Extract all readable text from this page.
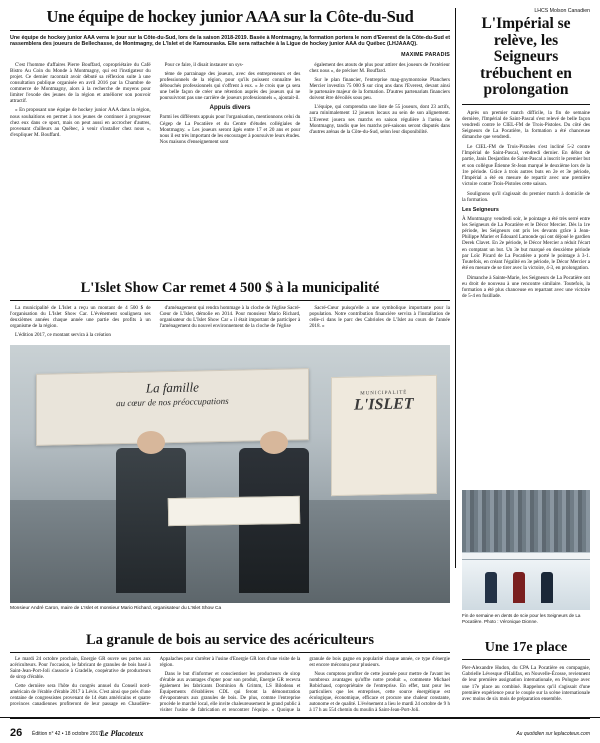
Une équipe de hockey junior AAA sur la Côte-du-Sud
Une équipe de hockey junior AAA verra le jour sur la Côte-du-Sud, lors de la saison 2018-2019. Basée à Montmagny, la formation portera le nom d'Everest de la Côte-du-Sud et rassemblera des joueurs de Bellechasse, de Montmagny, de L'Islet et de Kamouraska. Elle sera rattachée à la Ligue de hockey junior AAA du Québec (LHJAAAQ).
MAXIME PARADIS

C'est l'homme d'affaires Pierre Bouffard, copropriétaire du Café Bistro Au Coin du Monde à Montmagny, qui est l'instigateur du projet. Ce dernier racontait avoir débuté sa réflexion suite à une consultation publique organisée en avril 2016 par la Chambre de commerce de Montmagny, alors à la recherche de moyens pour limiter l'exode des jeunes de la région et améliorer son pouvoir attractif.

« En proposant une équipe de hockey junior AAA dans la région, nous souhaitions en permet à nos jeunes de continuer à progresser chez eux dans ce sport, mais on peut aussi en accrocher d'autres, provenant d'ailleurs au Québec, à venir s'installer chez nous », d'expliquer M. Bouffard.

Pour ce faire, il disait instaurer un sys-

tème de parrainage des joueurs, avec des entrepreneurs et des professionnels de la région, pour qu'ils puissent connaître les débouchés professionnels qui s'offrent à eux. « Je crois que ça sera une belle façon de créer une rétention auprès des joueurs qui ne poursuivront pas une carrière de joueurs professionnels », ajoutait-il.

Appuis divers

Parmi les différents appuis pour l'organisation, mentionnons celui du Cégep de La Pocatière et du Centre d'études collégiales de Montmagny. « Les joueurs seront âgés entre 17 et 20 ans et pour nous il est très important de les encourager à poursuivre leurs études. Nos maisons d'enseignement sont

également des atouts de plus pour attirer des joueurs de l'extérieur chez nous », de préciser M. Bouffard.

Sur le plan financier, l'entreprise mag-gnymontoise Planchers Mercier investira 75 000 $ sur cinq ans dans l'Everest, devant ainsi le partenaire majeur de la formation. D'autres partenariats financiers doivent être dévoilés sous peu.

L'équipe, qui comprendra une liste de 55 joueurs, dont 23 actifs, aura minimalement 12 joueurs locaux au sein de son alignement. L'Everest jouera ses matchs en saison régulière à l'aréna de Montmagny, tandis que les matchs pré-saisons seront disputés dans d'autres arénas de la Côte-du-Sud, selon leur disponibilité.

L'Islet Show Car remet 4 500 $ à la municipalité

La municipalité de L'Islet a reçu un montant de 4 500 $ de l'organisation du L'Islet Show Car. L'événement soulignera ses deuxièmes années chaque année une partie des profits à un organisme de la région.

L'édition 2017, ce montant servira à la création

d'aménagement qui rendra hommage à la cloche de l'église Sacré-Cœur de L'Islet, démolie en 2014. Pour monsieur Mario Richard, organisateur du L'Islet Show Car « il était important de participer à l'aménagement du nouvel environnement de la cloche de l'église

Sacré-Cœur puisqu'elle a une symbolique importante pour la population. Notre contribution financière servira à l'installation de celle-ci dans le parc des Cabrioles de L'Islet au cours de l'année 2018. »

La famille
au cœur de nos préoccupations
MUNICIPALITÉ
L'ISLET
Monsieur André Caron, maire de L'Islet et monsieur Mario Richard, organisateur du L'Islet Show Ca
La granule de bois au service des acériculteurs

Le mardi 24 octobre prochain, Energie GR ouvre ses portes aux acériculteurs. Pour l'occasion, le fabricant de granules de bois basé à Saint-Jean-Port-Joli s'associe à Gradelle, coopérative de producteurs de sirop d'érable.

Cette dernière sera l'hôte du congrès annuel du Conseil nord-américain de l'érable d'érable 2017 à Lévis. C'est ainsi que près d'une centaine de congressistes provenant de 14 états américains et quatre provinces canadiennes profiteront de leur passage en Chaudière-Appalaches pour s'arrêter à l'usine d'Energie GR lors d'une visite de la région.

Dans le but d'informer et conscientiser les producteurs de sirop d'érable aux avantages d'opter pour son produit, Energie GR recevra également les fabricants Dominion & Grimm, LS Bilodeau et Équipements d'érablières CDL qui feront la démonstration d'évaporateurs aux granules de bois. De plus, comme l'entreprise procède le marché local, elle invite chaleureusement le grand public à visiter l'usine de fabrication et rencontrer l'équipe. « Quoique la granule de bois gagne en popularité chaque année, ce type d'énergie est encore méconnu pour plusieurs.

Nous comptons profiter de cette journée pour mettre de l'avant les nombreux avantages qu'offre notre produit », commente Michael Robichaud, copropriétaire de l'entreprise. En effet, tant pour les particuliers que les entreprises, cette source énergétique est écologique, économique, efficace et procure une chaleur constante, autonome et de qualité. L'événement a lieu le mardi 24 octobre de 9 h à 17 h au 554 chemin du moulin à Saint-Jean-Port-Joli.

LHCS Molson Canadien
L'Impérial se relève, les Seigneurs trébuchent en prolongation

Après un premier match difficile, la fin de semaine dernière, l'Impérial de Saint-Pascal s'est relevé de belle façon vendredi contre le CIEL-FM de Trois-Pistoles. Du côté des Seigneurs de La Pocatière, la formation a été chanceuse dimanche que vendredi.

Le CIEL-FM de Trois-Pistoles s'est incliné 5-2 contre l'Impérial de Saint-Pascal, vendredi dernier. En début de partie, Janis Desjardins de Saint-Pascal a inscrit le premier but et son collègue Étienne St-Jean marqué le deuxième lors de la 1re période. Grâce à trois autres buts en 2e et 3e période, l'Impérial a été en mesure de repartir avec une première victoire contre Trois-Pistoles cette saison.

Soulignons qu'il s'agissait du premier match à domicile de la formation.

Les Seigneurs

À Montmagny vendredi soir, le pointage a été très serré entre les Seigneurs de La Pocatière et le Décor Mercier. Dès la 1re période, les Seigneurs ont pris les devants grâce à Jean-Philippe Marier et Édouard Lamonde qui ont déjoué le gardien Derek Clavet. En 2e période, le Décor Mercier a réduit l'écart en comptant un but. Un 3e but marqué en deuxième période par Loïc Picard de La Pocatière a porté le pointage à 3-1. Toutefois, en créant l'égalité en 3e période, le Décor Mercier a été en mesure de se tirer avec la victoire, 4-3, en prolongation.

Dimanche à Sainte-Marie, les Seigneurs de La Pocatière ont eu droit de nouveau à une rencontre similaire. Toutefois, la formation a été plus chanceuse en repartant avec une victoire de 5-4 en fusillade.

Fin de semaine en dents de scie pour les Seigneurs de La Pocatière. Photo : Véronique Dionne.
Une 17e place

Pier-Alexandre Hudon, du CPA La Pocatière en compagnie, Gabrielle Lévesque d'Halifax, en Nouvelle-Écosse, reviennent de leur première assignation internationale, en Pologne avec une 17e place au combiné. Rappelons qu'il s'agissait d'une première expérience pour le couple sur la scène internationale avec moins de six mois de préparation ensemble.

26 Édition n° 42 • 18 octobre 2017 |
Le Placoteux	Au quotidien sur leplacoteux.com
